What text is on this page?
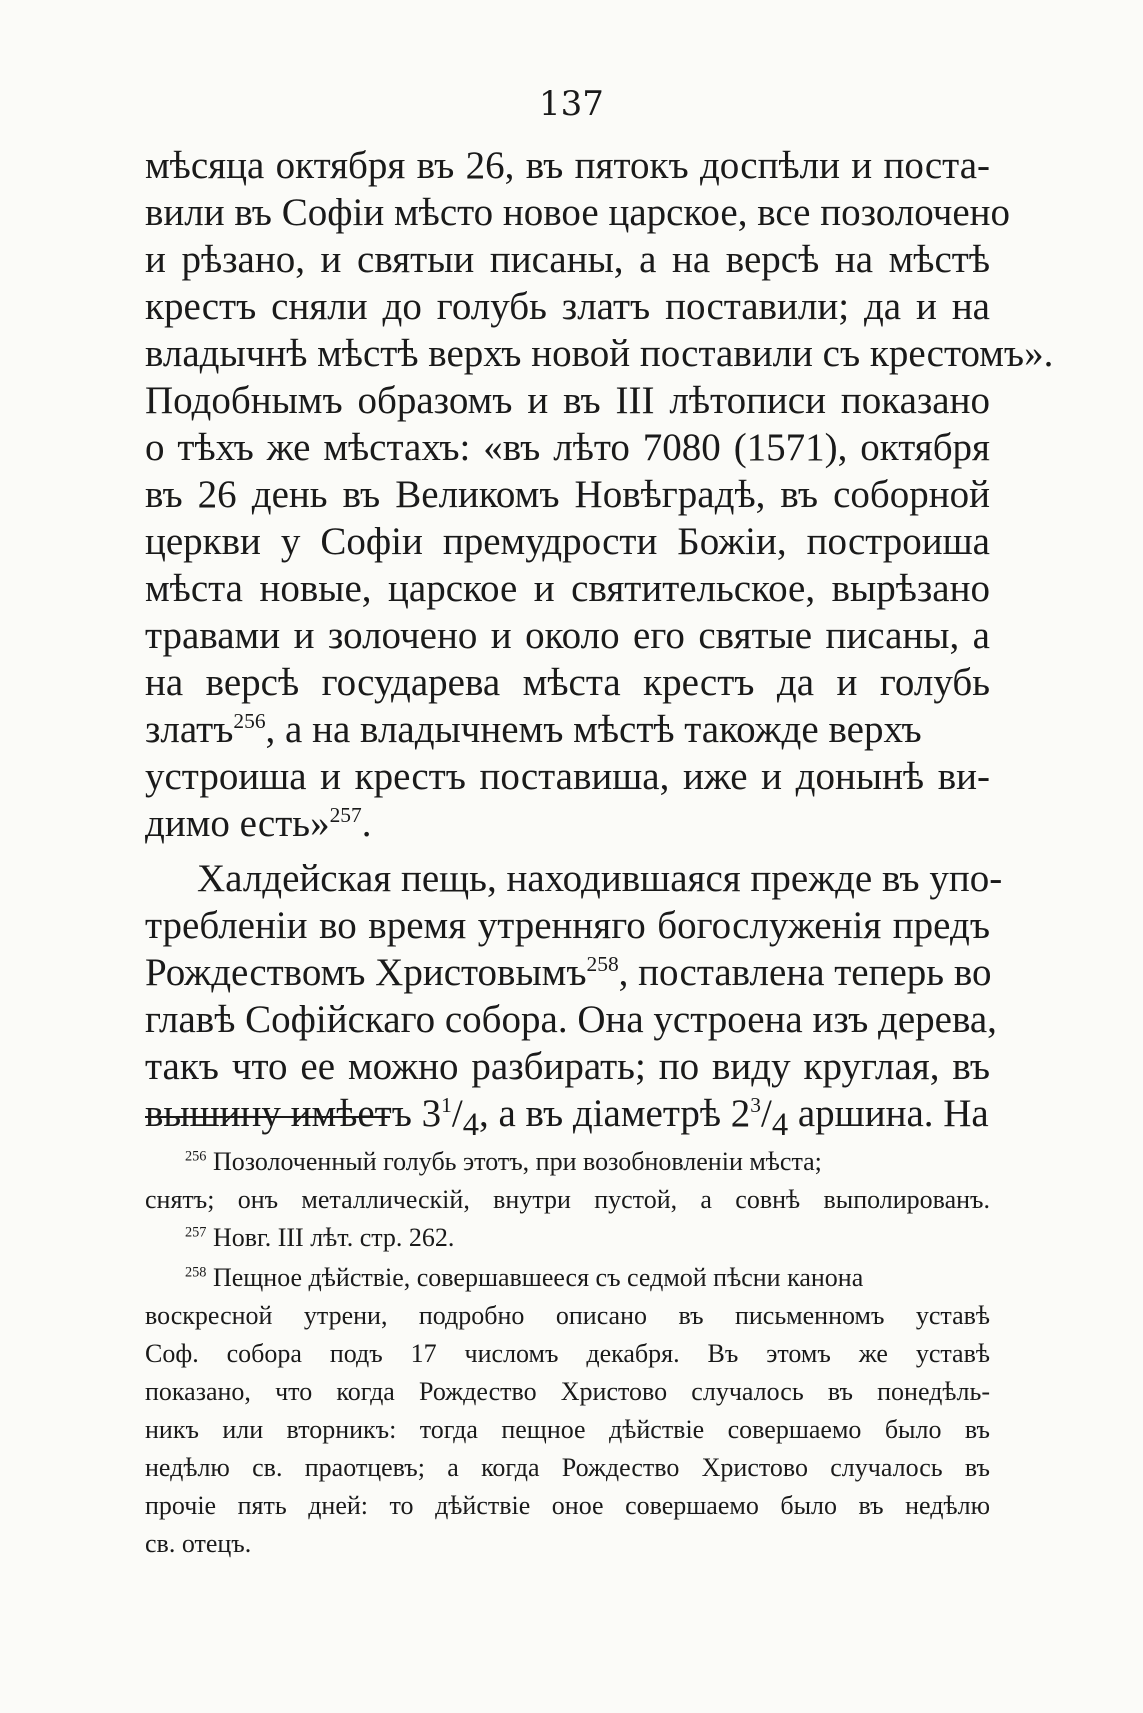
137
мѣсяца октября въ 26, въ пятокъ доспѣли и поста-
вили въ Софіи мѣсто новое царское, все позолочено
и рѣзано, и святыи писаны, а на версѣ на мѣстѣ
крестъ сняли до голубь златъ поставили; да и на
владычнѣ мѣстѣ верхъ новой поставили съ крестомъ».
Подобнымъ образомъ и въ III лѣтописи показано
о тѣхъ же мѣстахъ: «въ лѣто 7080 (1571), октября
въ 26 день въ Великомъ Новѣградѣ, въ соборной
церкви у Софіи премудрости Божіи, построиша
мѣста новые, царское и святительское, вырѣзано
травами и золочено и около его святые писаны, а
на версѣ государева мѣста крестъ да и голубь
златъ$^{256}$, а на владычнемъ мѣстѣ такожде верхъ
устроиша и крестъ поставиша, иже и донынѣ ви-
димо есть»$^{257}$.
Халдейская пещь, находившаяся прежде въ упо-
требленіи во время утренняго богослуженія предъ
Рождествомъ Христовымъ$^{258}$, поставлена теперь во
главѣ Софійскаго собора. Она устроена изъ дерева,
такъ что ее можно разбирать; по виду круглая, въ
вышину имѣетъ $3^1/_4$, а въ діаметрѣ $2^3/_4$ аршина. На
$^{256}$ Позолоченный голубь этотъ, при возобновленіи мѣста;
снятъ; онъ металлическій, внутри пустой, а совнѣ выполированъ.
$^{257}$ Новг. III лѣт. стр. 262.
$^{258}$ Пещное дѣйствіе, совершавшееся съ седмой пѣсни канона
воскресной утрени, подробно описано въ письменномъ уставѣ
Соф. собора подъ 17 числомъ декабря. Въ этомъ же уставѣ
показано, что когда Рождество Христово случалось въ понедѣль-
никъ или вторникъ: тогда пещное дѣйствіе совершаемо было въ
недѣлю св. праотцевъ; а когда Рождество Христово случалось въ
прочіе пять дней: то дѣйствіе оное совершаемо было въ недѣлю
св. отецъ.
